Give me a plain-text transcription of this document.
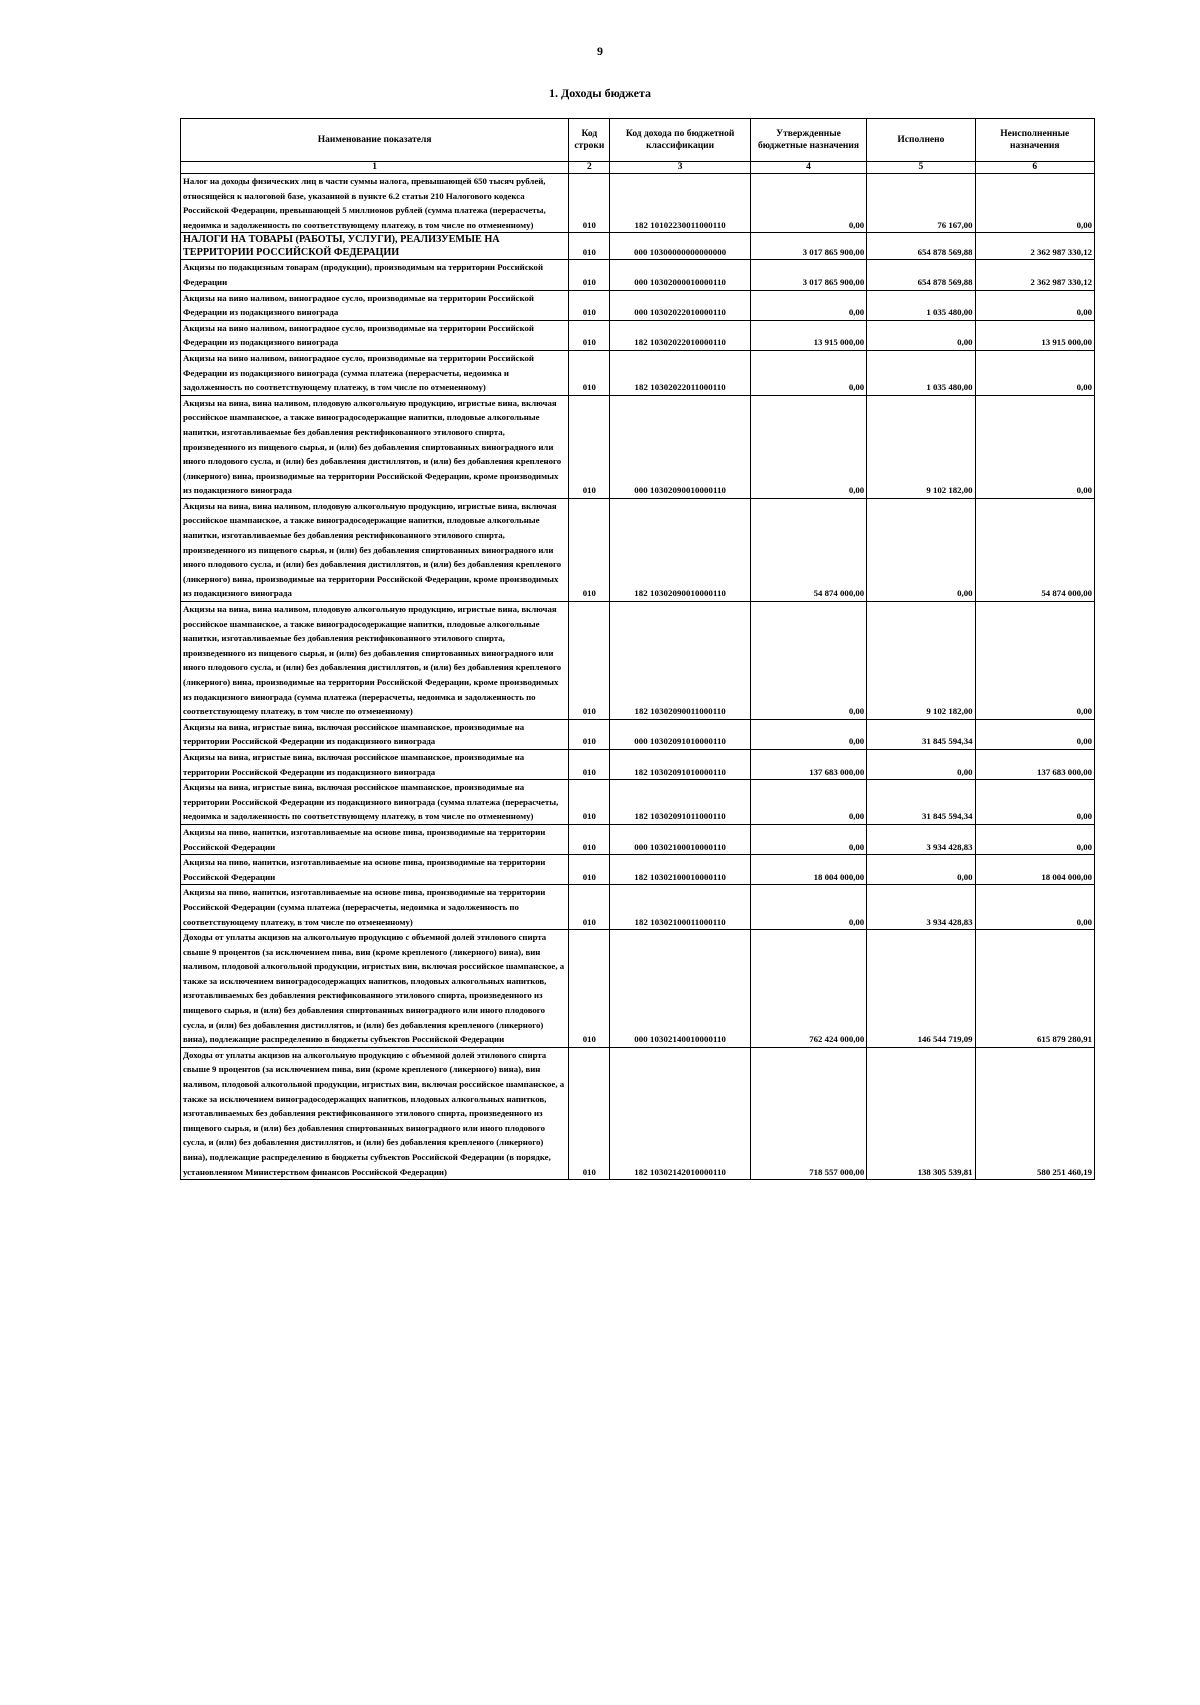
9
1. Доходы бюджета
Наименование показателя	Код строки	Код дохода по бюджетной классификации	Утвержденные бюджетные назначения	Исполнено	Неисполненные назначения
1	2	3	4	5	6
Налог на доходы физических лиц в части суммы налога, превышающей 650 тысяч рублей, относящейся к налоговой базе, указанной в пункте 6.2 статьи 210 Налогового кодекса Российской Федерации, превышающей 5 миллионов рублей (сумма платежа (перерасчеты, недоимка и задолженность по соответствующему платежу, в том числе по отмененному)	010	182 10102230011000110	0,00	76 167,00	0,00
НАЛОГИ НА ТОВАРЫ (РАБОТЫ, УСЛУГИ), РЕАЛИЗУЕМЫЕ НА ТЕРРИТОРИИ РОССИЙСКОЙ ФЕДЕРАЦИИ	010	000 10300000000000000	3 017 865 900,00	654 878 569,88	2 362 987 330,12
Акцизы по подакцизным товарам (продукции), производимым на территории Российской Федерации	010	000 10302000010000110	3 017 865 900,00	654 878 569,88	2 362 987 330,12
Акцизы на вино наливом, виноградное сусло, производимые на территории Российской Федерации из подакцизного винограда	010	000 10302022010000110	0,00	1 035 480,00	0,00
Акцизы на вино наливом, виноградное сусло, производимые на территории Российской Федерации из подакцизного винограда	010	182 10302022010000110	13 915 000,00	0,00	13 915 000,00
Акцизы на вино наливом, виноградное сусло, производимые на территории Российской Федерации из подакцизного винограда (сумма платежа (перерасчеты, недоимка и задолженность по соответствующему платежу, в том числе по отмененному)	010	182 10302022011000110	0,00	1 035 480,00	0,00
Акцизы на вина, вина наливом, плодовую алкогольную продукцию, игристые вина, включая российское шампанское, а также виноградосодержащие напитки, плодовые алкогольные напитки, изготавливаемые без добавления ректификованного этилового спирта, произведенного из пищевого сырья, и (или) без добавления спиртованных виноградного или иного плодового сусла, и (или) без добавления дистиллятов, и (или) без добавления крепленого (ликерного) вина, производимые на территории Российской Федерации, кроме производимых из подакцизного винограда	010	000 10302090010000110	0,00	9 102 182,00	0,00
Акцизы на вина, вина наливом, плодовую алкогольную продукцию, игристые вина, включая российское шампанское, а также виноградосодержащие напитки, плодовые алкогольные напитки, изготавливаемые без добавления ректификованного этилового спирта, произведенного из пищевого сырья, и (или) без добавления спиртованных виноградного или иного плодового сусла, и (или) без добавления дистиллятов, и (или) без добавления крепленого (ликерного) вина, производимые на территории Российской Федерации, кроме производимых из подакцизного винограда	010	182 10302090010000110	54 874 000,00	0,00	54 874 000,00
Акцизы на вина, вина наливом, плодовую алкогольную продукцию, игристые вина, включая российское шампанское, а также виноградосодержащие напитки, плодовые алкогольные напитки, изготавливаемые без добавления ректификованного этилового спирта, произведенного из пищевого сырья, и (или) без добавления спиртованных виноградного или иного плодового сусла, и (или) без добавления дистиллятов, и (или) без добавления крепленого (ликерного) вина, производимые на территории Российской Федерации, кроме производимых из подакцизного винограда (сумма платежа (перерасчеты, недоимка и задолженность по соответствующему платежу, в том числе по отмененному)	010	182 10302090011000110	0,00	9 102 182,00	0,00
Акцизы на вина, игристые вина, включая российское шампанское, производимые на территории Российской Федерации из подакцизного винограда	010	000 10302091010000110	0,00	31 845 594,34	0,00
Акцизы на вина, игристые вина, включая российское шампанское, производимые на территории Российской Федерации из подакцизного винограда	010	182 10302091010000110	137 683 000,00	0,00	137 683 000,00
Акцизы на вина, игристые вина, включая российское шампанское, производимые на территории Российской Федерации из подакцизного винограда (сумма платежа (перерасчеты, недоимка и задолженность по соответствующему платежу, в том числе по отмененному)	010	182 10302091011000110	0,00	31 845 594,34	0,00
Акцизы на пиво, напитки, изготавливаемые на основе пива, производимые на территории Российской Федерации	010	000 10302100010000110	0,00	3 934 428,83	0,00
Акцизы на пиво, напитки, изготавливаемые на основе пива, производимые на территории Российской Федерации	010	182 10302100010000110	18 004 000,00	0,00	18 004 000,00
Акцизы на пиво, напитки, изготавливаемые на основе пива, производимые на территории Российской Федерации (сумма платежа (перерасчеты, недоимка и задолженность по соответствующему платежу, в том числе по отмененному)	010	182 10302100011000110	0,00	3 934 428,83	0,00
Доходы от уплаты акцизов на алкогольную продукцию с объемной долей этилового спирта свыше 9 процентов (за исключением пива, вин (кроме крепленого (ликерного) вина), вин наливом, плодовой алкогольной продукции, игристых вин, включая российское шампанское, а также за исключением виноградосодержащих напитков, плодовых алкогольных напитков, изготавливаемых без добавления ректификованного этилового спирта, произведенного из пищевого сырья, и (или) без добавления спиртованных виноградного или иного плодового сусла, и (или) без добавления дистиллятов, и (или) без добавления крепленого (ликерного) вина), подлежащие распределению в бюджеты субъектов Российской Федерации	010	000 10302140010000110	762 424 000,00	146 544 719,09	615 879 280,91
Доходы от уплаты акцизов на алкогольную продукцию с объемной долей этилового спирта свыше 9 процентов (за исключением пива, вин (кроме крепленого (ликерного) вина), вин наливом, плодовой алкогольной продукции, игристых вин, включая российское шампанское, а также за исключением виноградосодержащих напитков, плодовых алкогольных напитков, изготавливаемых без добавления ректификованного этилового спирта, произведенного из пищевого сырья, и (или) без добавления спиртованных виноградного или иного плодового сусла, и (или) без добавления дистиллятов, и (или) без добавления крепленого (ликерного) вина), подлежащие распределению в бюджеты субъектов Российской Федерации (в порядке, установленном Министерством финансов Российской Федерации)	010	182 10302142010000110	718 557 000,00	138 305 539,81	580 251 460,19
